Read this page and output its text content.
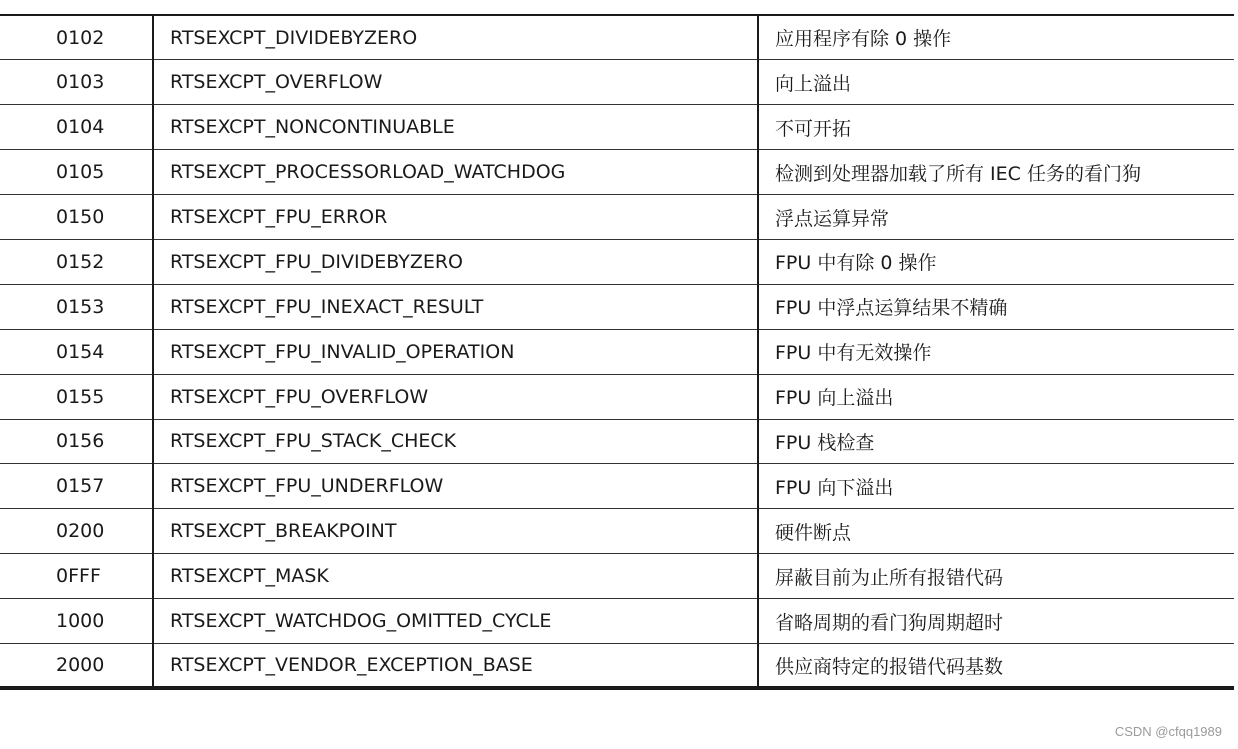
0102	RTSEXCPT_DIVIDEBYZERO	应用程序有除 0 操作
0103	RTSEXCPT_OVERFLOW	向上溢出
0104	RTSEXCPT_NONCONTINUABLE	不可开拓
0105	RTSEXCPT_PROCESSORLOAD_WATCHDOG	检测到处理器加载了所有 IEC 任务的看门狗
0150	RTSEXCPT_FPU_ERROR	浮点运算异常
0152	RTSEXCPT_FPU_DIVIDEBYZERO	FPU 中有除 0 操作
0153	RTSEXCPT_FPU_INEXACT_RESULT	FPU 中浮点运算结果不精确
0154	RTSEXCPT_FPU_INVALID_OPERATION	FPU 中有无效操作
0155	RTSEXCPT_FPU_OVERFLOW	FPU 向上溢出
0156	RTSEXCPT_FPU_STACK_CHECK	FPU 栈检查
0157	RTSEXCPT_FPU_UNDERFLOW	FPU 向下溢出
0200	RTSEXCPT_BREAKPOINT	硬件断点
0FFF	RTSEXCPT_MASK	屏蔽目前为止所有报错代码
1000	RTSEXCPT_WATCHDOG_OMITTED_CYCLE	省略周期的看门狗周期超时
2000	RTSEXCPT_VENDOR_EXCEPTION_BASE	供应商特定的报错代码基数
CSDN @cfqq1989
